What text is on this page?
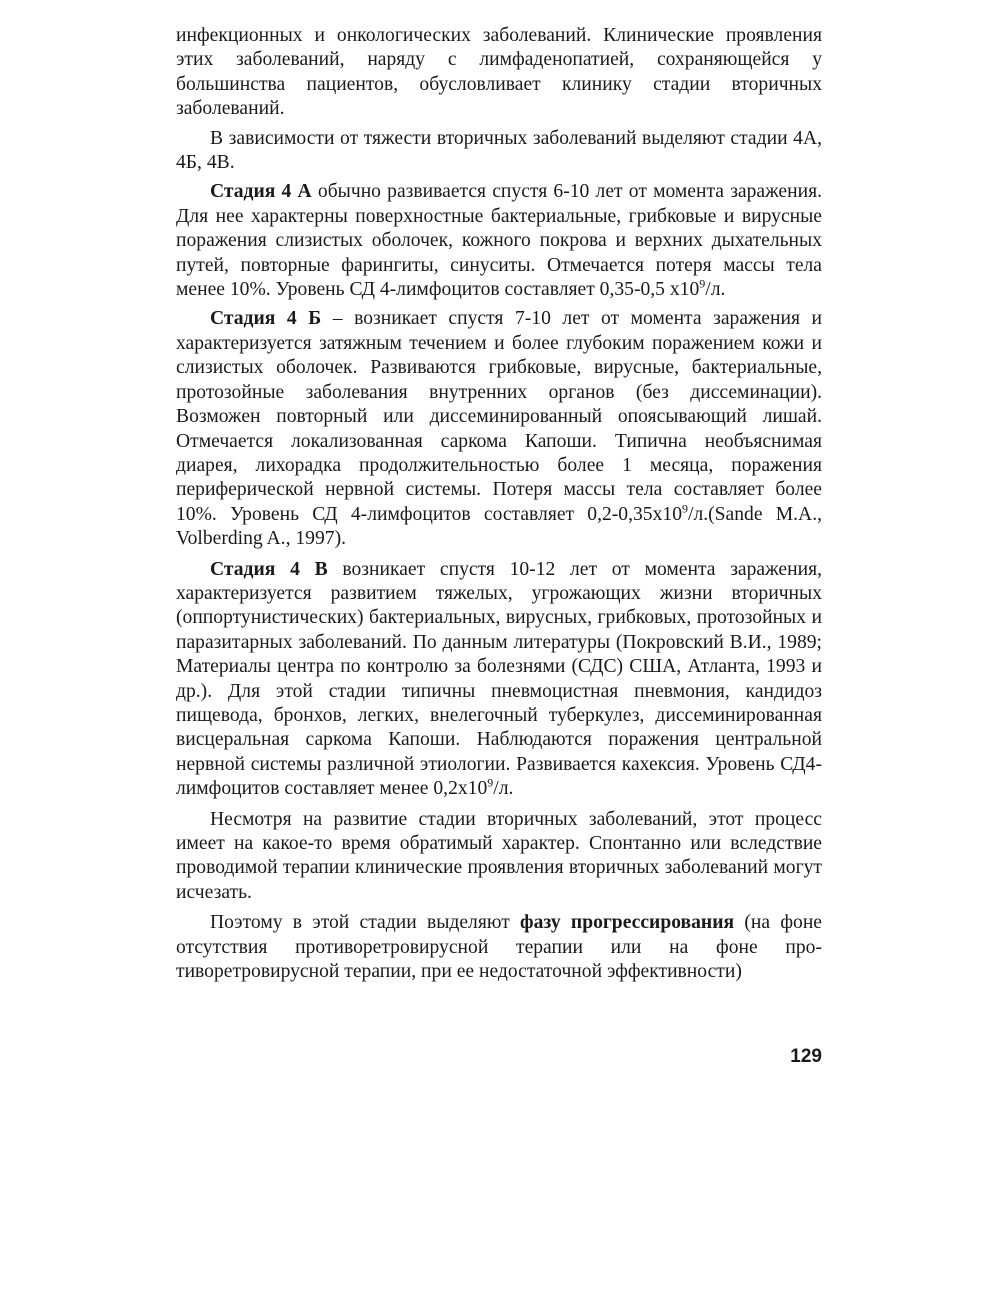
инфекционных и онкологических заболеваний. Клинические проявления этих заболеваний, наряду с лимфаденопатией, сохраняющейся у большинства пациентов, обусловливает клинику стадии вторичных заболеваний.

В зависимости от тяжести вторичных заболеваний выделяют стадии 4А, 4Б, 4В.

Стадия 4 А обычно развивается спустя 6-10 лет от момента заражения. Для нее характерны поверхностные бактериальные, грибковые и вирусные поражения слизистых оболочек, кожного покрова и верхних дыхательных путей, повторные фарингиты, синуситы. Отмечается потеря массы тела менее 10%. Уровень СД 4-лимфоцитов составляет 0,35-0,5 $х10^9/л$.

Стадия 4 Б – возникает спустя 7-10 лет от момента заражения и характеризуется затяжным течением и более глубоким поражением кожи и слизистых оболочек. Развиваются грибковые, вирусные, бактериальные, протозойные заболевания внутренних органов (без диссеминации). Возможен повторный или диссеминированный опоясывающий лишай. Отмечается локализованная саркома Капоши. Типична необъяснимая диарея, лихорадка продолжительностью более 1 месяца, поражения периферической нервной системы. Потеря массы тела составляет более 10%. Уровень СД 4-лимфоцитов составляет $0,2-0,35х10^9/л.(Sande$ M.A., Volberding A., 1997).

Стадия 4 В возникает спустя 10-12 лет от момента заражения, характеризуется развитием тяжелых, угрожающих жизни вторичных (оппортунистических) бактериальных, вирусных, грибковых, протозойных и паразитарных заболеваний. По данным литературы (Покровский В.И., 1989; Материалы центра по контролю за болезнями (СДС) США, Атланта, 1993 и др.). Для этой стадии типичны пневмоцистная пневмония, кандидоз пищевода, бронхов, легких, внелегочный туберкулез, диссеминированная висцеральная саркома Капоши. Наблюдаются поражения центральной нервной системы различной этиологии. Развивается кахексия. Уровень СД4-лимфоцитов составляет менее $0,2х10^9/л$.

Несмотря на развитие стадии вторичных заболеваний, этот процесс имеет на какое-то время обратимый характер. Спонтанно или вследствие проводимой терапии клинические проявления вторичных заболеваний могут исчезать.

Поэтому в этой стадии выделяют фазу прогрессирования (на фоне отсутствия противоретровирусной терапии или на фоне противоретровирусной терапии, при ее недостаточной эффективности)

129
